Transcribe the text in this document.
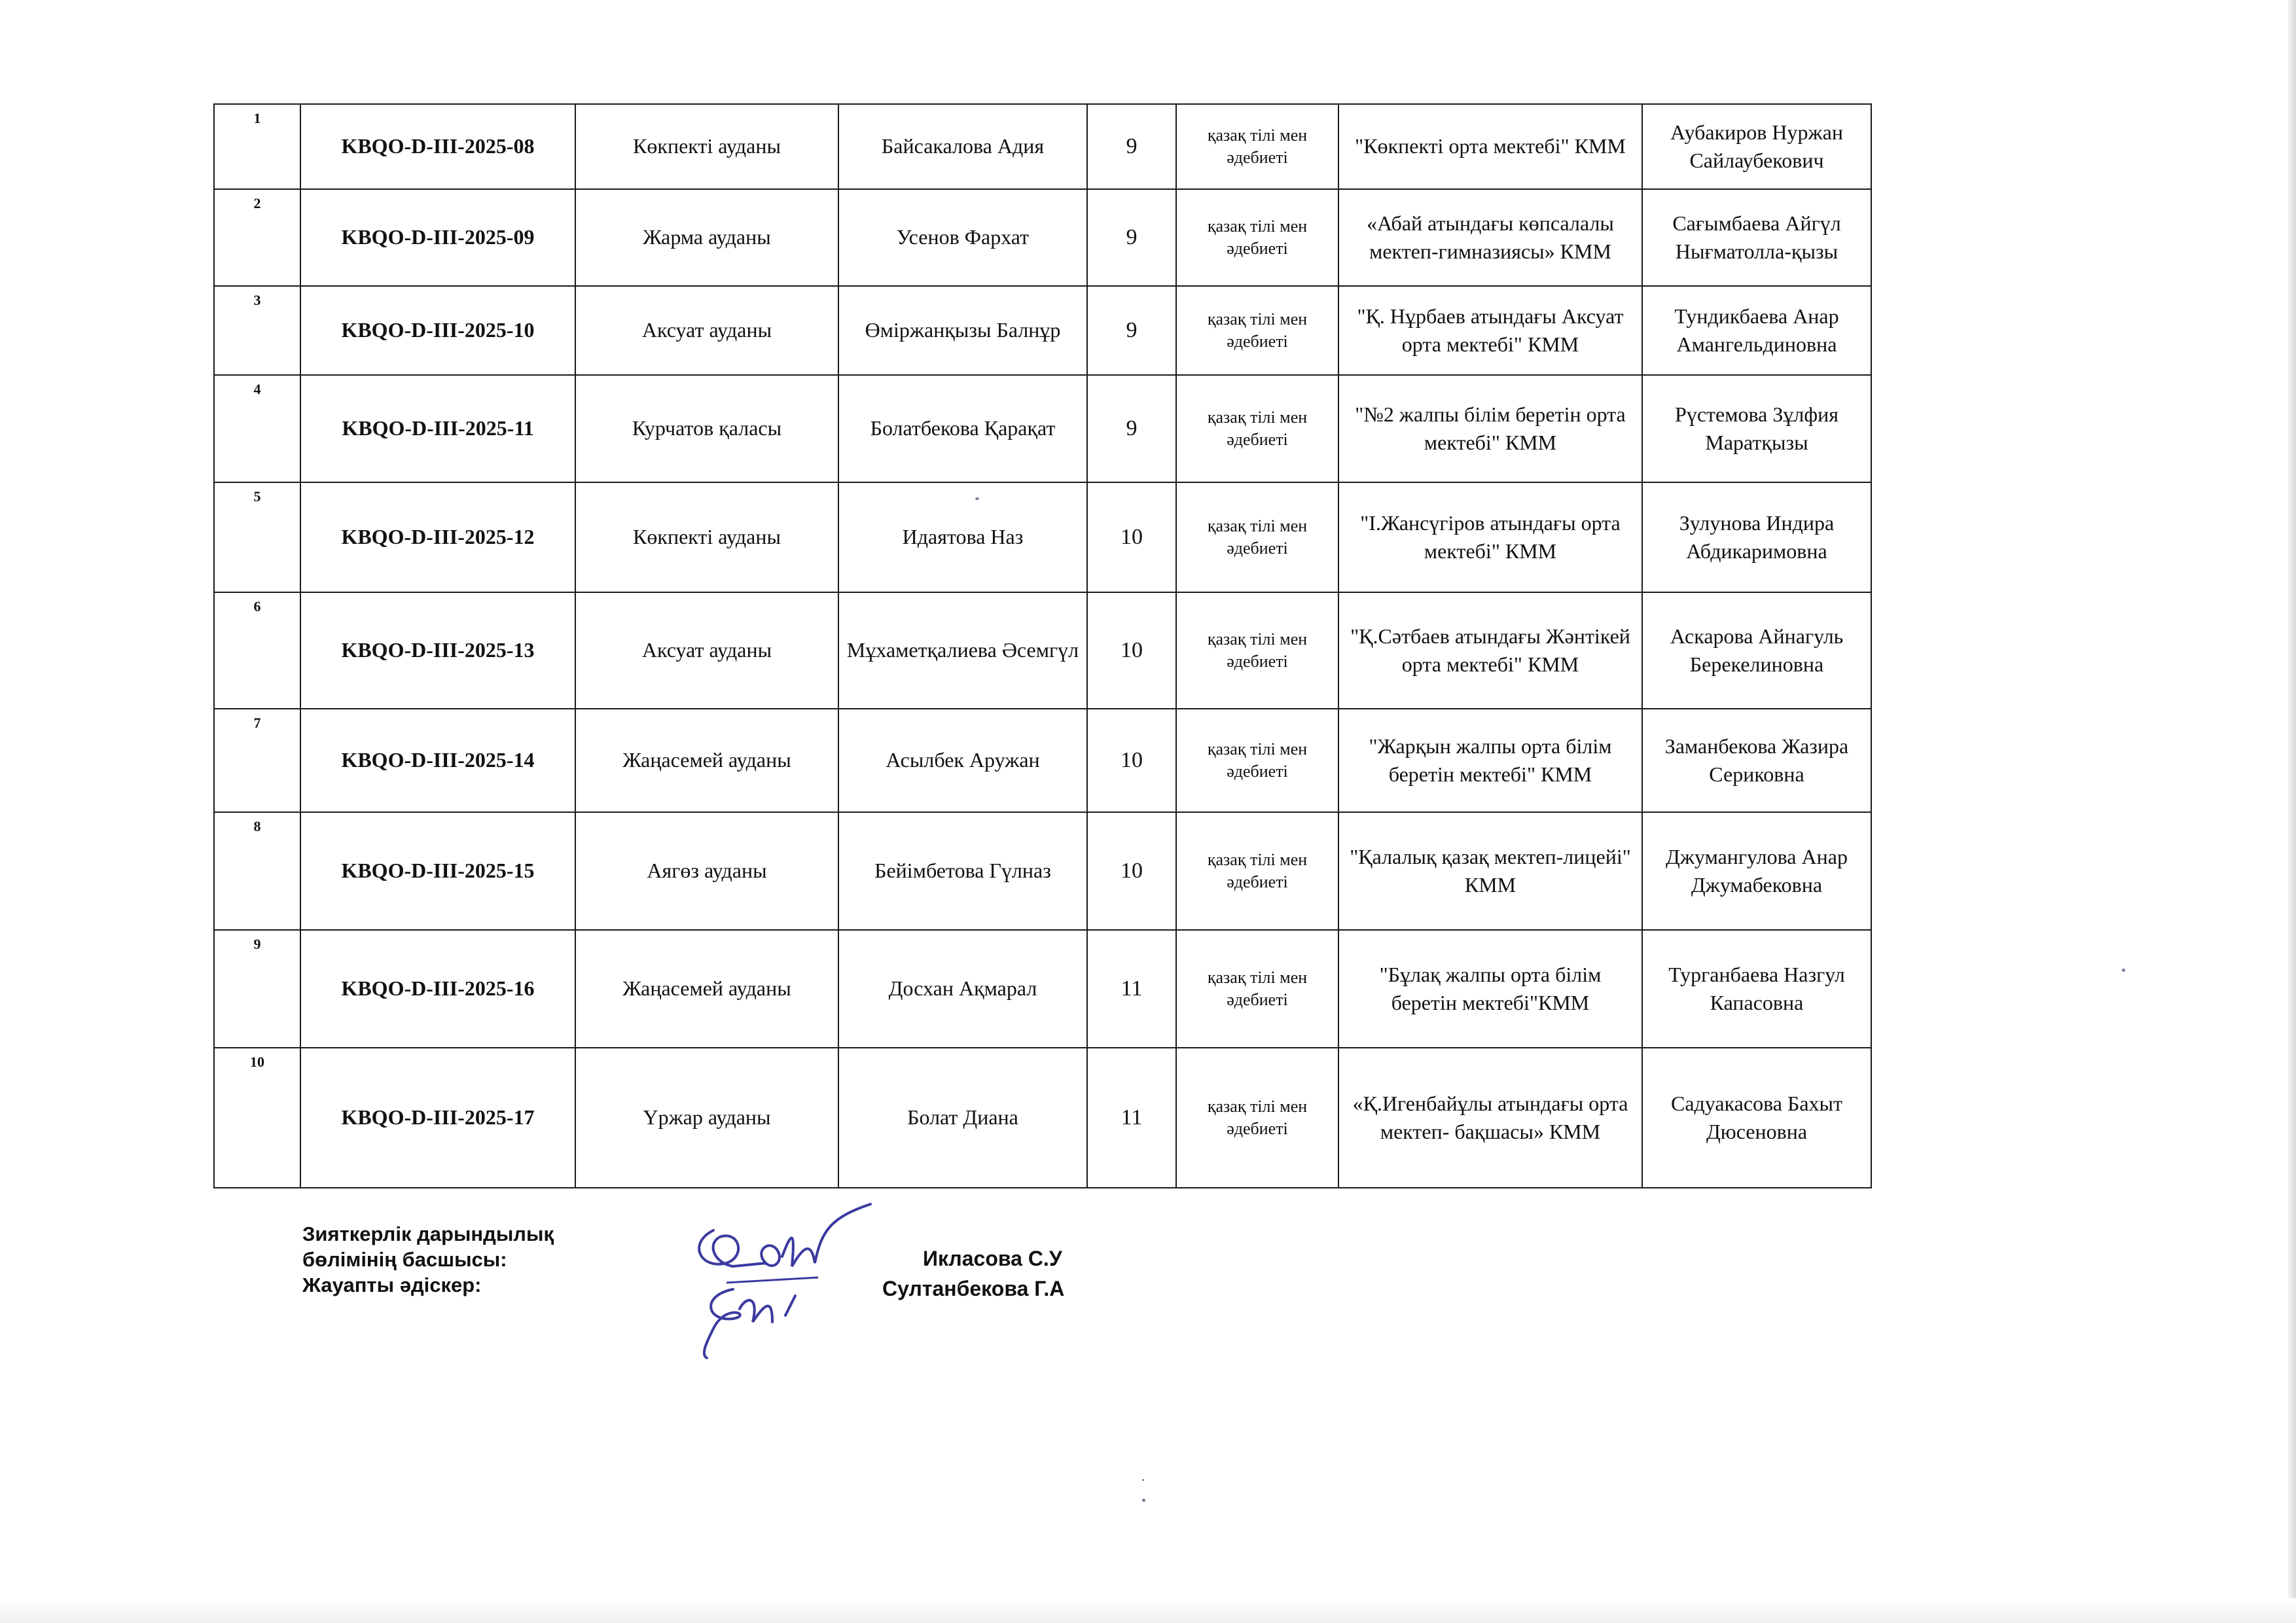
1	KBQO-D-III-2025-08	Көкпекті ауданы	Байсакалова Адия	9	қазақ тілі мен әдебиеті	"Көкпекті орта мектебі" КММ	Аубакиров Нуржан Сайлаубекович
2	KBQO-D-III-2025-09	Жарма ауданы	Усенов Фархат	9	қазақ тілі мен әдебиеті	«Абай атындағы көпсалалы мектеп-гимназиясы» КММ	Сағымбаева Айгүл Нығматолла-қызы
3	KBQO-D-III-2025-10	Аксуат ауданы	Өміржанқызы Балнұр	9	қазақ тілі мен әдебиеті	"Қ. Нұрбаев атындағы Аксуат орта мектебі" КММ	Тундикбаева Анар Амангельдиновна
4	KBQO-D-III-2025-11	Курчатов қаласы	Болатбекова Қарақат	9	қазақ тілі мен әдебиеті	"№2 жалпы білім беретін орта мектебі" КММ	Рүстемова Зұлфия Маратқызы
5	KBQO-D-III-2025-12	Көкпекті ауданы	Идаятова Наз	10	қазақ тілі мен әдебиеті	"І.Жансүгіров атындағы орта мектебі" КММ	Зулунова Индира Абдикаримовна
6	KBQO-D-III-2025-13	Аксуат ауданы	Мұхаметқалиева Әсемгүл	10	қазақ тілі мен әдебиеті	"Қ.Сәтбаев атындағы Жәнтікей орта мектебі" КММ	Аскарова Айнагуль Берекелиновна
7	KBQO-D-III-2025-14	Жаңасемей ауданы	Асылбек Аружан	10	қазақ тілі мен әдебиеті	"Жарқын жалпы орта білім беретін мектебі" КММ	Заманбекова Жазира Сериковна
8	KBQO-D-III-2025-15	Аягөз ауданы	Бейімбетова Гүлназ	10	қазақ тілі мен әдебиеті	"Қалалық қазақ мектеп-лицейі" КММ	Джумангулова Анар Джумабековна
9	KBQO-D-III-2025-16	Жаңасемей ауданы	Досхан Ақмарал	11	қазақ тілі мен әдебиеті	"Бұлақ жалпы орта білім беретін мектебі"КММ	Турганбаева Назгул Капасовна
10	KBQO-D-III-2025-17	Үржар ауданы	Болат Диана	11	қазақ тілі мен әдебиеті	«Қ.Игенбайұлы атындағы орта мектеп- бақшасы» КММ	Садуакасова Бахыт Дюсеновна
Зияткерлік дарындылық
бөлімінің басшысы:
Жауапты әдіскер:
Икласова С.У
Султанбекова Г.А
